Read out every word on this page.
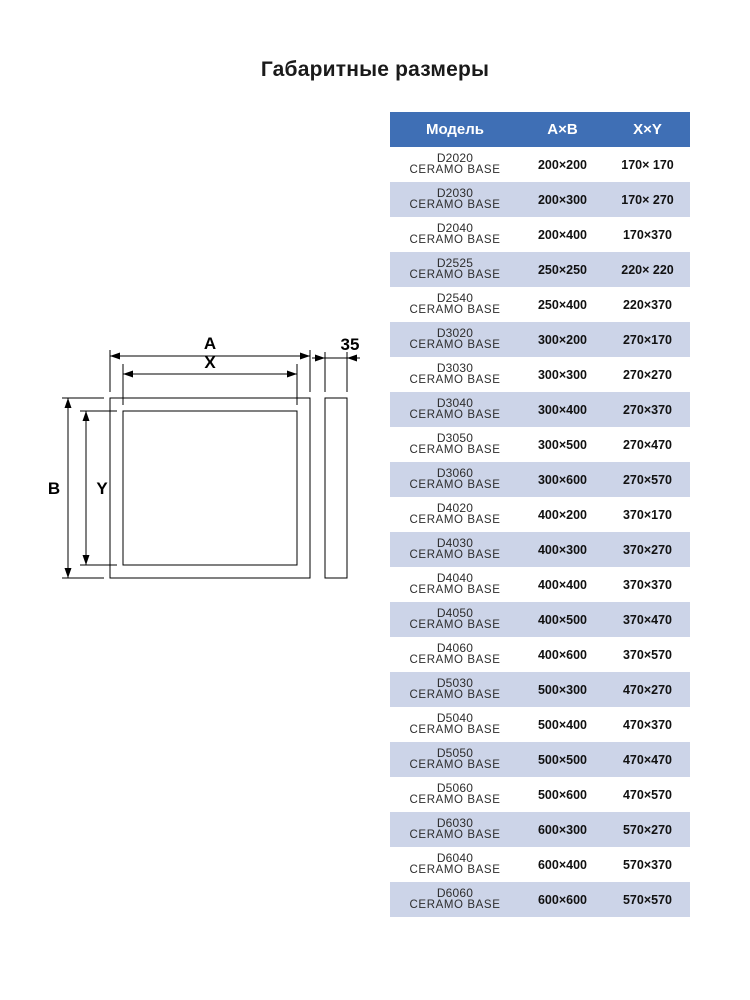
Габаритные размеры
A
X
B Y
35
Модель	A×B	X×Y

D2020
CERAMO BASE	200×200	170× 170

D2030
CERAMO BASE	200×300	170× 270

D2040
CERAMO BASE	200×400	170×370

D2525
CERAMO BASE	250×250	220× 220

D2540
CERAMO BASE	250×400	220×370

D3020
CERAMO BASE	300×200	270×170

D3030
CERAMO BASE	300×300	270×270

D3040
CERAMO BASE	300×400	270×370

D3050
CERAMO BASE	300×500	270×470

D3060
CERAMO BASE	300×600	270×570

D4020
CERAMO BASE	400×200	370×170

D4030
CERAMO BASE	400×300	370×270

D4040
CERAMO BASE	400×400	370×370

D4050
CERAMO BASE	400×500	370×470

D4060
CERAMO BASE	400×600	370×570

D5030
CERAMO BASE	500×300	470×270

D5040
CERAMO BASE	500×400	470×370

D5050
CERAMO BASE	500×500	470×470

D5060
CERAMO BASE	500×600	470×570

D6030
CERAMO BASE	600×300	570×270

D6040
CERAMO BASE	600×400	570×370

D6060
CERAMO BASE	600×600	570×570
